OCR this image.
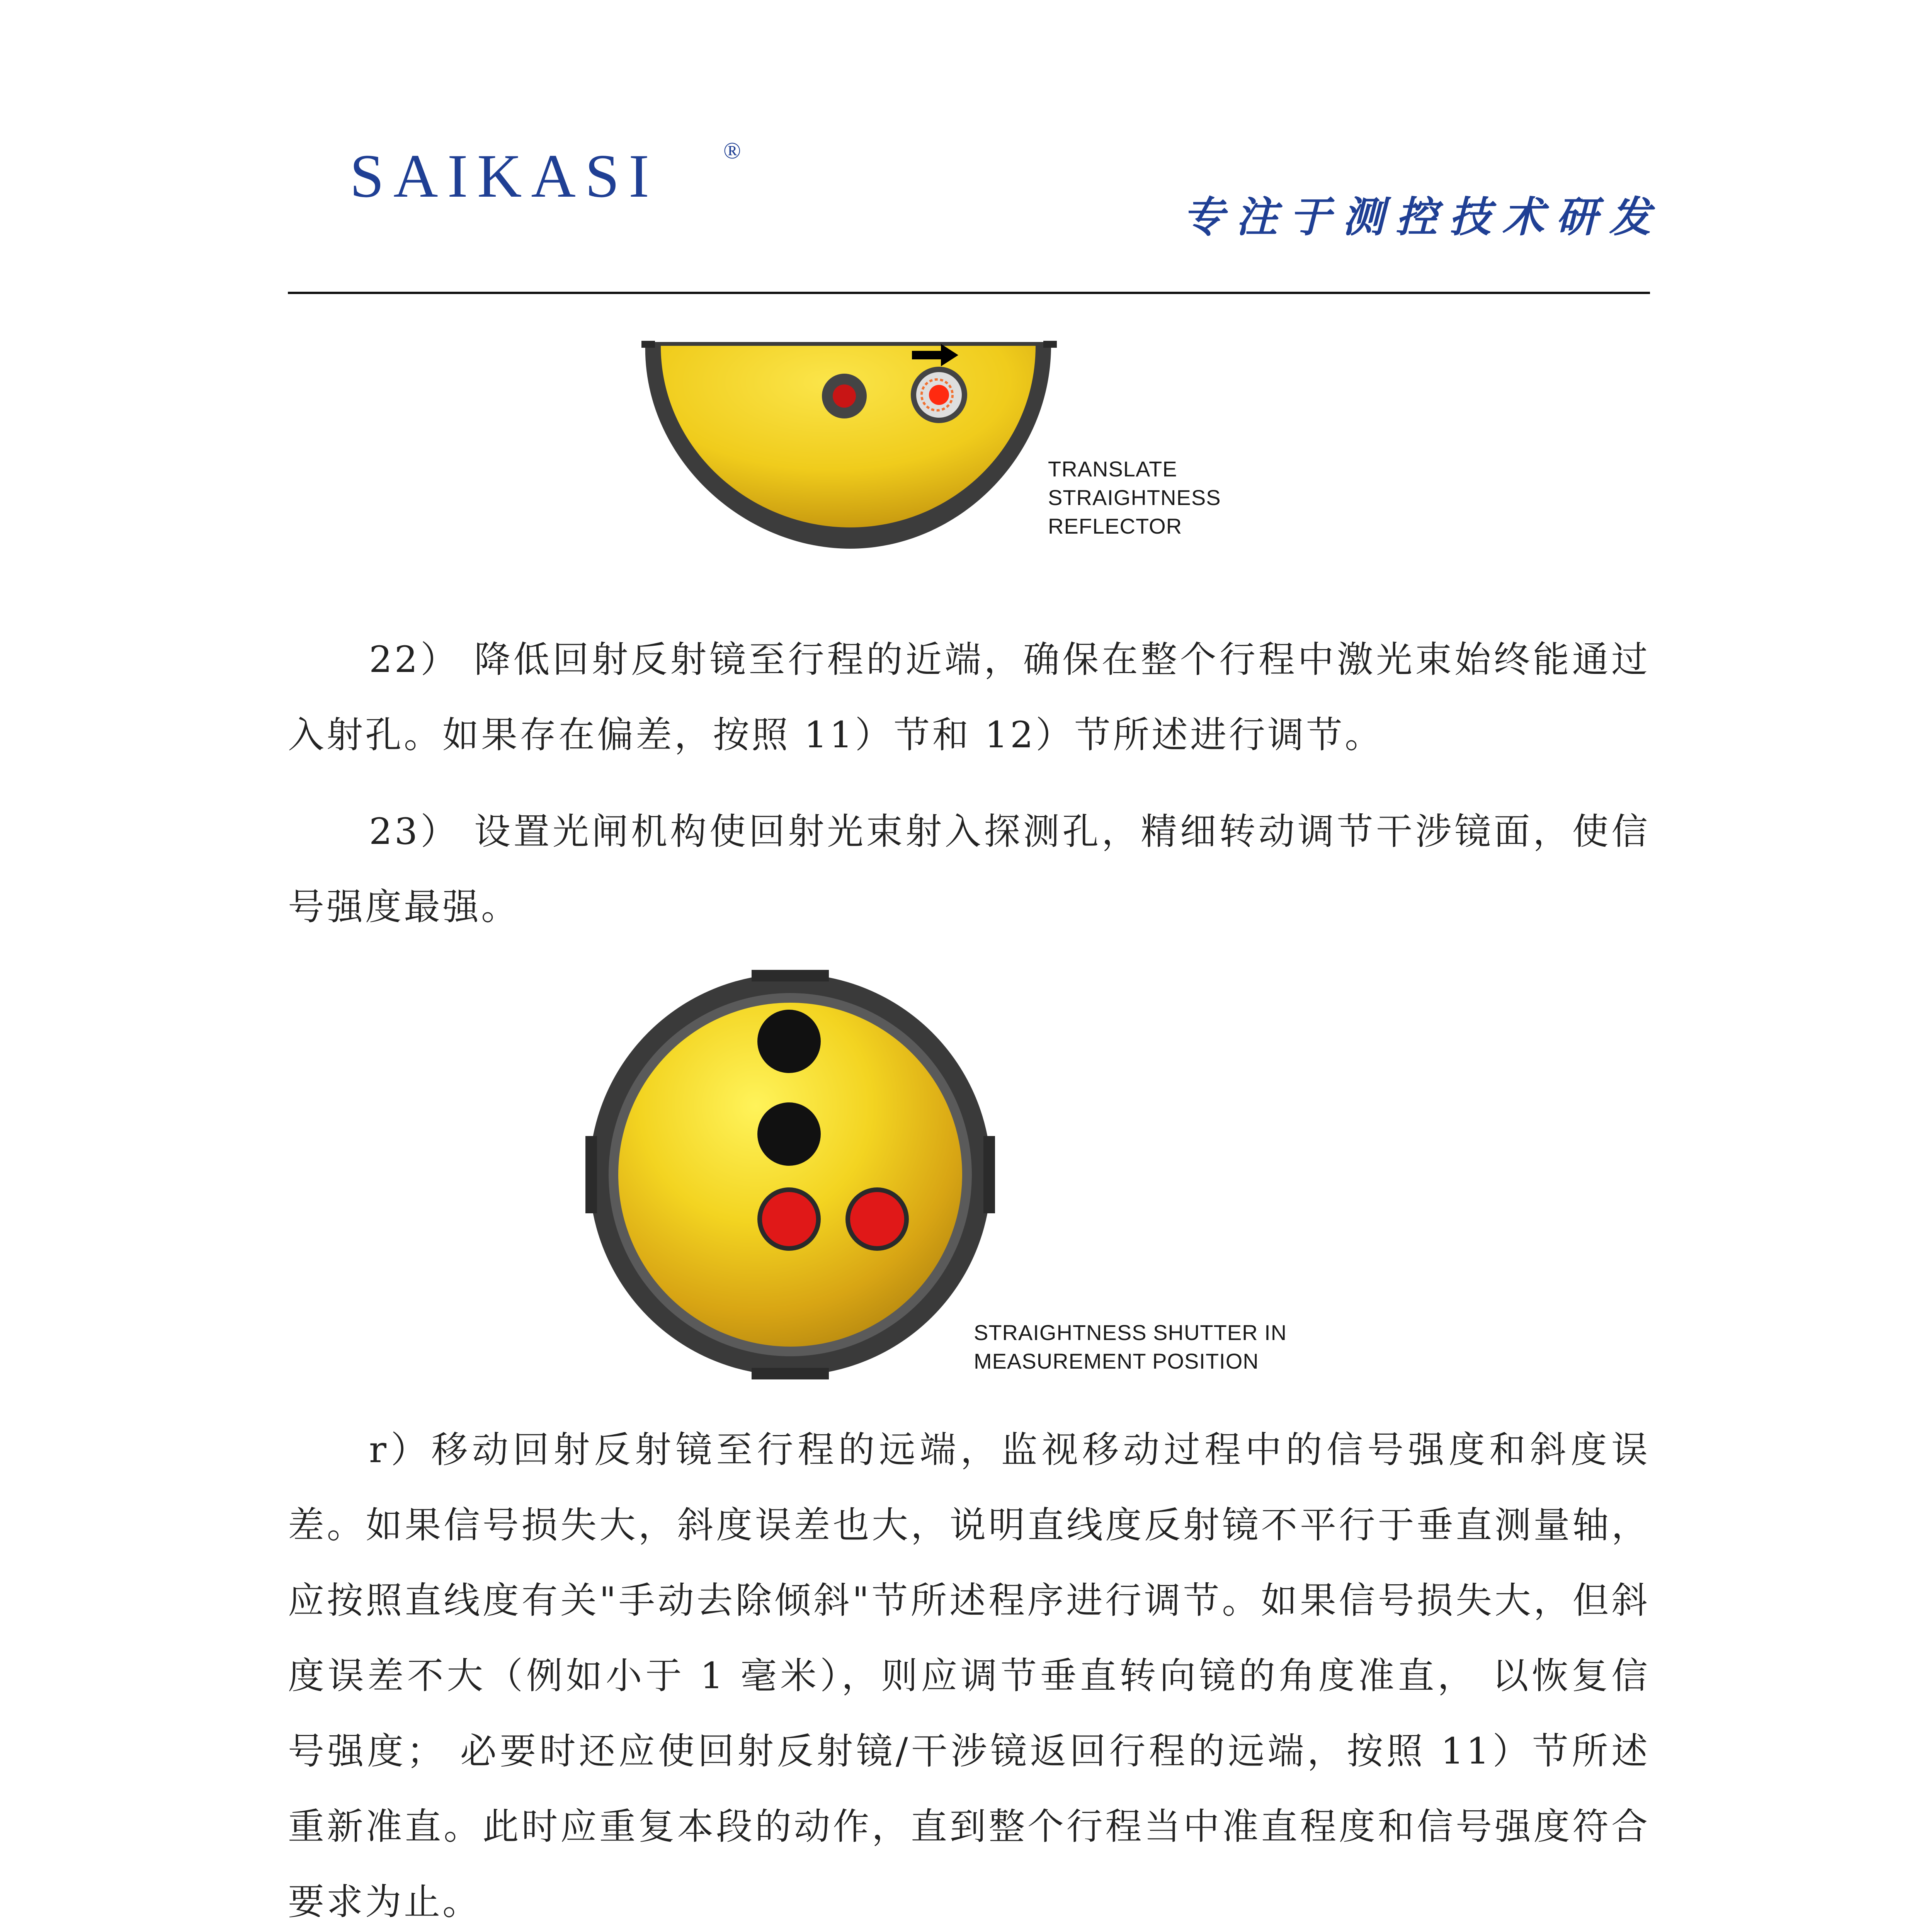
SAIKASI	®
专注于测控技术研发
TRANSLATE
STRAIGHTNESS
REFLECTOR
22） 降低回射反射镜至行程的近端，确保在整个行程中激光束始终能通过入射孔。如果存在偏差，按照 11）节和 12）节所述进行调节。
23） 设置光闸机构使回射光束射入探测孔，精细转动调节干涉镜面，使信号强度最强。
STRAIGHTNESS SHUTTER IN
MEASUREMENT POSITION
r）移动回射反射镜至行程的远端，监视移动过程中的信号强度和斜度误差。如果信号损失大，斜度误差也大，说明直线度反射镜不平行于垂直测量轴，应按照直线度有关"手动去除倾斜"节所述程序进行调节。如果信号损失大，但斜度误差不大（例如小于 1 毫米），则应调节垂直转向镜的角度准直， 以恢复信号强度； 必要时还应使回射反射镜/干涉镜返回行程的远端，按照 11）节所述重新准直。此时应重复本段的动作，直到整个行程当中准直程度和信号强度符合要求为止。
